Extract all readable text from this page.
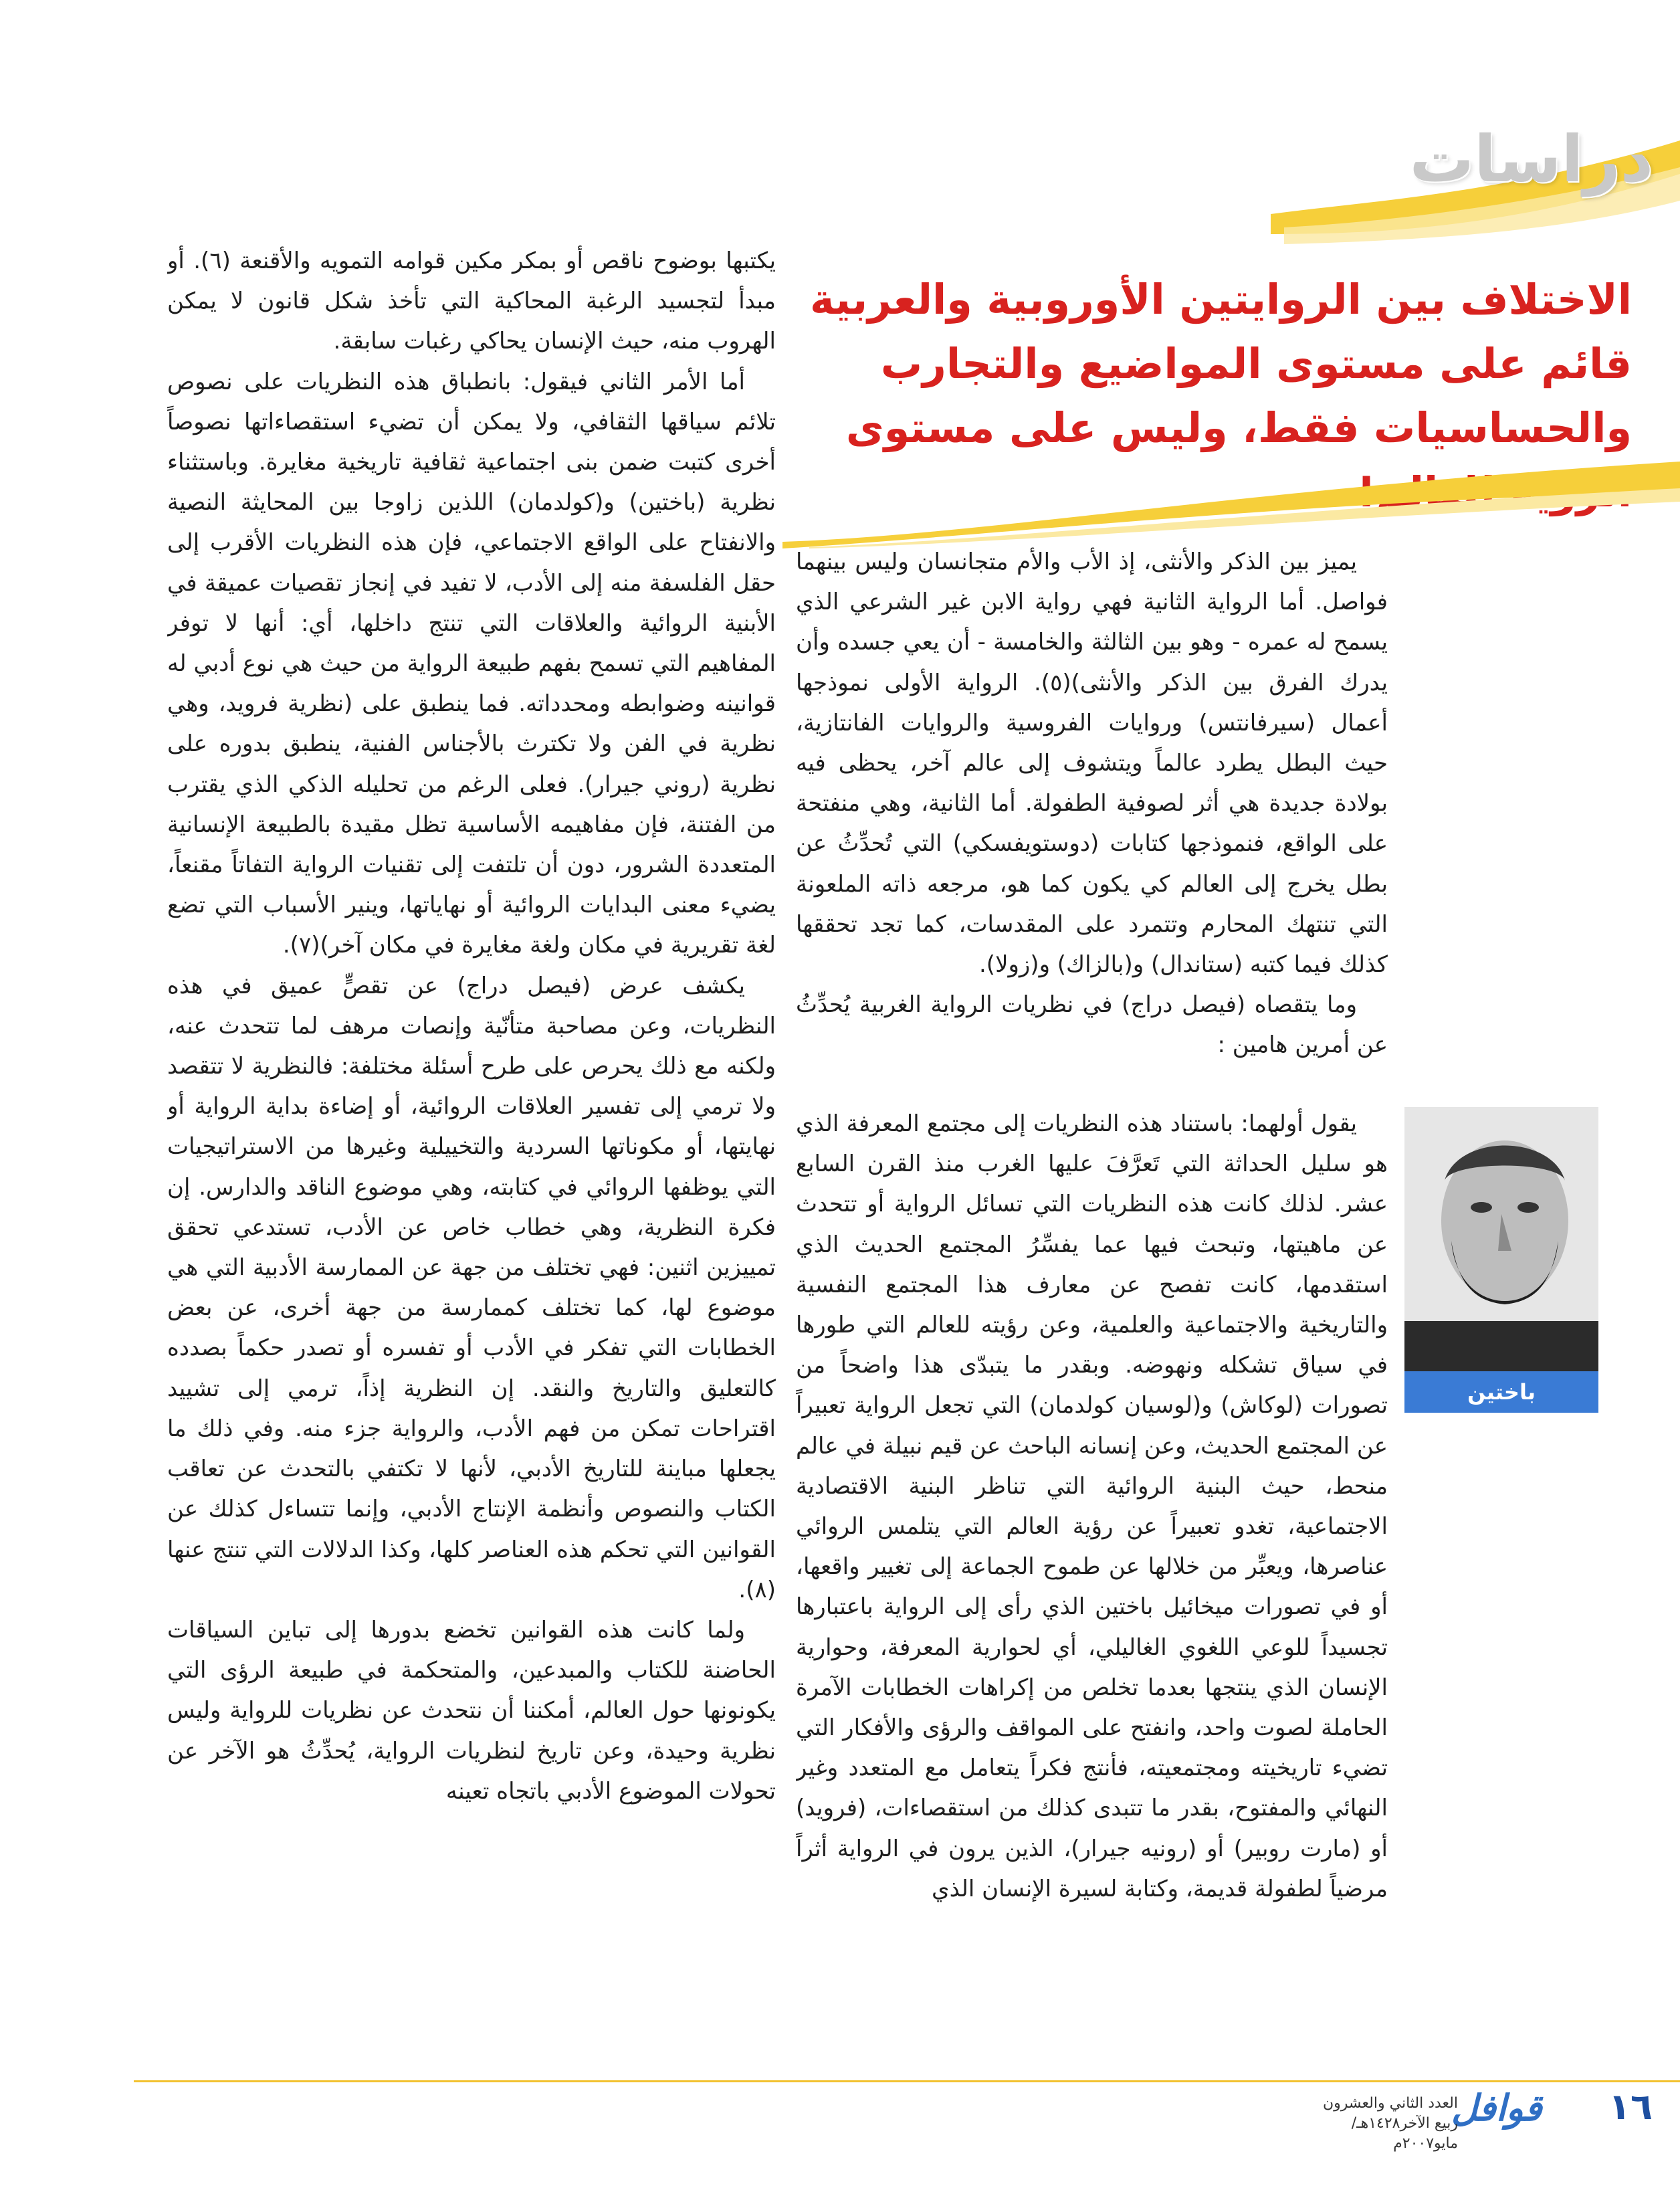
دراسات
الاختلاف بين الروايتين الأوروبية والعربية قائم على مستوى المواضيع والتجارب والحساسيات فقط، وليس على مستوى

يميز بين الذكر والأنثى، إذ الأب والأم متجانسان وليس بينهما فواصل. أما الرواية الثانية فهي رواية الابن غير الشرعي الذي يسمح له عمره - وهو بين الثالثة والخامسة - أن يعي جسده وأن يدرك الفرق بين الذكر والأنثى)(٥). الرواية الأولى نموذجها أعمال (سيرفانتس) وروايات الفروسية والروايات الفانتازية، حيث البطل يطرد عالماً ويتشوف إلى عالم آخر، يحظى فيه بولادة جديدة هي أثر لصوفية الطفولة. أما الثانية، وهي منفتحة على الواقع، فنموذجها كتابات (دوستويفسكي) التي تُحدِّثُ عن بطل يخرج إلى العالم كي يكون كما هو، مرجعه ذاته الملعونة التي تنتهك المحارم وتتمرد على المقدسات، كما تجد تحققها كذلك فيما كتبه (ستاندال) و(بالزاك) و(زولا).

وما يتقصاه (فيصل دراج) في نظريات الرواية الغربية يُحدِّثُ عن أمرين هامين :

يقول أولهما: باستناد هذه النظريات إلى مجتمع المعرفة الذي هو سليل الحداثة التي تَعرَّفَ عليها الغرب منذ القرن السابع عشر. لذلك كانت هذه النظريات التي تسائل الرواية أو تتحدث عن ماهيتها، وتبحث فيها عما يفسِّرُ المجتمع الحديث الذي استقدمها، كانت تفصح عن معارف هذا المجتمع النفسية والتاريخية والاجتماعية والعلمية، وعن رؤيته للعالم التي طورها في سياق تشكله ونهوضه. وبقدر ما يتبدّى هذا واضحاً من تصورات (لوكاش) و(لوسيان كولدمان) التي تجعل الرواية تعبيراً عن المجتمع الحديث، وعن إنسانه الباحث عن قيم نبيلة في عالم منحط، حيث البنية الروائية التي تناظر البنية الاقتصادية الاجتماعية، تغدو تعبيراً عن رؤية العالم التي يتلمس الروائي عناصرها، ويعبِّر من خلالها عن طموح الجماعة إلى تغيير واقعها، أو في تصورات ميخائيل باختين الذي رأى إلى الرواية باعتبارها تجسيداً للوعي اللغوي الغاليلي، أي لحوارية المعرفة، وحوارية الإنسان الذي ينتجها بعدما تخلص من إكراهات الخطابات الآمرة الحاملة لصوت واحد، وانفتح على المواقف والرؤى والأفكار التي تضيء تاريخيته ومجتمعيته، فأنتج فكراً يتعامل مع المتعدد وغير النهائي والمفتوح، بقدر ما تتبدى كذلك من استقصاءات، (فرويد) أو (مارت روبير) أو (رونيه جيرار)، الذين يرون في الرواية أثراً مرضياً لطفولة قديمة، وكتابة لسيرة الإنسان الذي

باختين

يكتبها بوضوح ناقص أو بمكر مكين قوامه التمويه والأقنعة (٦). أو مبدأ لتجسيد الرغبة المحاكية التي تأخذ شكل قانون لا يمكن الهروب منه، حيث الإنسان يحاكي رغبات سابقة.

أما الأمر الثاني فيقول: بانطباق هذه النظريات على نصوص تلائم سياقها الثقافي، ولا يمكن أن تضيء استقصاءاتها نصوصاً أخرى كتبت ضمن بنى اجتماعية ثقافية تاريخية مغايرة. وباستثناء نظرية (باختين) و(كولدمان) اللذين زاوجا بين المحايثة النصية والانفتاح على الواقع الاجتماعي، فإن هذه النظريات الأقرب إلى حقل الفلسفة منه إلى الأدب، لا تفيد في إنجاز تقصيات عميقة في الأبنية الروائية والعلاقات التي تنتج داخلها، أي: أنها لا توفر المفاهيم التي تسمح بفهم طبيعة الرواية من حيث هي نوع أدبي له قوانينه وضوابطه ومحدداته. فما ينطبق على (نظرية فرويد، وهي نظرية في الفن ولا تكترث بالأجناس الفنية، ينطبق بدوره على نظرية (روني جيرار). فعلى الرغم من تحليله الذكي الذي يقترب من الفتنة، فإن مفاهيمه الأساسية تظل مقيدة بالطبيعة الإنسانية المتعددة الشرور، دون أن تلتفت إلى تقنيات الرواية التفاتاً مقنعاً، يضيء معنى البدايات الروائية أو نهاياتها، وينير الأسباب التي تضع لغة تقريرية في مكان ولغة مغايرة في مكان آخر)(٧).

يكشف عرض (فيصل دراج) عن تقصٍّ عميق في هذه النظريات، وعن مصاحبة متأنّية وإنصات مرهف لما تتحدث عنه، ولكنه مع ذلك يحرص على طرح أسئلة مختلفة: فالنظرية لا تتقصد ولا ترمي إلى تفسير العلاقات الروائية، أو إضاءة بداية الرواية أو نهايتها، أو مكوناتها السردية والتخييلية وغيرها من الاستراتيجيات التي يوظفها الروائي في كتابته، وهي موضوع الناقد والدارس. إن فكرة النظرية، وهي خطاب خاص عن الأدب، تستدعي تحقق تمييزين اثنين: فهي تختلف من جهة عن الممارسة الأدبية التي هي موضوع لها، كما تختلف كممارسة من جهة أخرى، عن بعض الخطابات التي تفكر في الأدب أو تفسره أو تصدر حكماً بصدده كالتعليق والتاريخ والنقد. إن النظرية إذاً، ترمي إلى تشييد اقتراحات تمكن من فهم الأدب، والرواية جزء منه. وفي ذلك ما يجعلها مباينة للتاريخ الأدبي، لأنها لا تكتفي بالتحدث عن تعاقب الكتاب والنصوص وأنظمة الإنتاج الأدبي، وإنما تتساءل كذلك عن القوانين التي تحكم هذه العناصر كلها، وكذا الدلالات التي تنتج عنها (٨).

ولما كانت هذه القوانين تخضع بدورها إلى تباين السياقات الحاضنة للكتاب والمبدعين، والمتحكمة في طبيعة الرؤى التي يكونونها حول العالم، أمكننا أن نتحدث عن نظريات للرواية وليس نظرية وحيدة، وعن تاريخ لنظريات الرواية، يُحدِّثُ هو الآخر عن تحولات الموضوع الأدبي باتجاه تعينه

١٦
قوافل
العدد الثاني والعشرون
ربيع الآخر١٤٢٨هـ/مايو٢٠٠٧م
